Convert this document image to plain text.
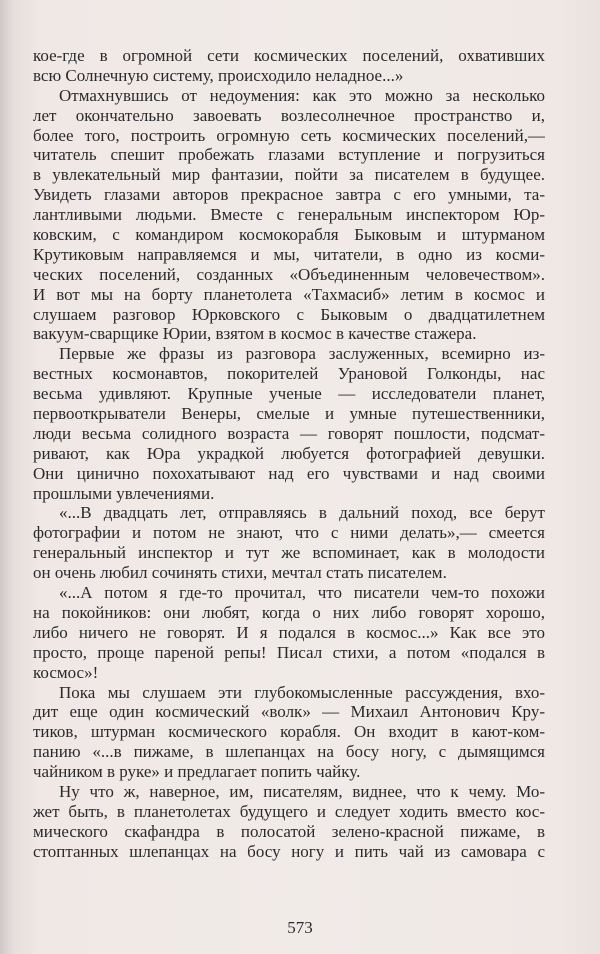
кое-где в огромной сети космических поселений, охвативших
всю Солнечную систему, происходило неладное...»
Отмахнувшись от недоумения: как это можно за несколько
лет окончательно завоевать возлесолнечное пространство и,
более того, построить огромную сеть космических поселений,—
читатель спешит пробежать глазами вступление и погрузиться
в увлекательный мир фантазии, пойти за писателем в будущее.
Увидеть глазами авторов прекрасное завтра с его умными, та-
лантливыми людьми. Вместе с генеральным инспектором Юр-
ковским, с командиром космокорабля Быковым и штурманом
Крутиковым направляемся и мы, читатели, в одно из косми-
ческих поселений, созданных «Объединенным человечеством».
И вот мы на борту планетолета «Тахмасиб» летим в космос и
слушаем разговор Юрковского с Быковым о двадцатилетнем
вакуум-сварщике Юрии, взятом в космос в качестве стажера.
Первые же фразы из разговора заслуженных, всемирно из-
вестных космонавтов, покорителей Урановой Голконды, нас
весьма удивляют. Крупные ученые — исследователи планет,
первооткрыватели Венеры, смелые и умные путешественники,
люди весьма солидного возраста — говорят пошлости, подсмат-
ривают, как Юра украдкой любуется фотографией девушки.
Они цинично похохатывают над его чувствами и над своими
прошлыми увлечениями.
«...В двадцать лет, отправляясь в дальний поход, все берут
фотографии и потом не знают, что с ними делать»,— смеется
генеральный инспектор и тут же вспоминает, как в молодости
он очень любил сочинять стихи, мечтал стать писателем.
«...А потом я где-то прочитал, что писатели чем-то похожи
на покойников: они любят, когда о них либо говорят хорошо,
либо ничего не говорят. И я подался в космос...» Как все это
просто, проще пареной репы! Писал стихи, а потом «подался в
космос»!
Пока мы слушаем эти глубокомысленные рассуждения, вхо-
дит еще один космический «волк» — Михаил Антонович Кру-
тиков, штурман космического корабля. Он входит в кают-ком-
панию «...в пижаме, в шлепанцах на босу ногу, с дымящимся
чайником в руке» и предлагает попить чайку.
Ну что ж, наверное, им, писателям, виднее, что к чему. Мо-
жет быть, в планетолетах будущего и следует ходить вместо кос-
мического скафандра в полосатой зелено-красной пижаме, в
стоптанных шлепанцах на босу ногу и пить чай из самовара с
573
